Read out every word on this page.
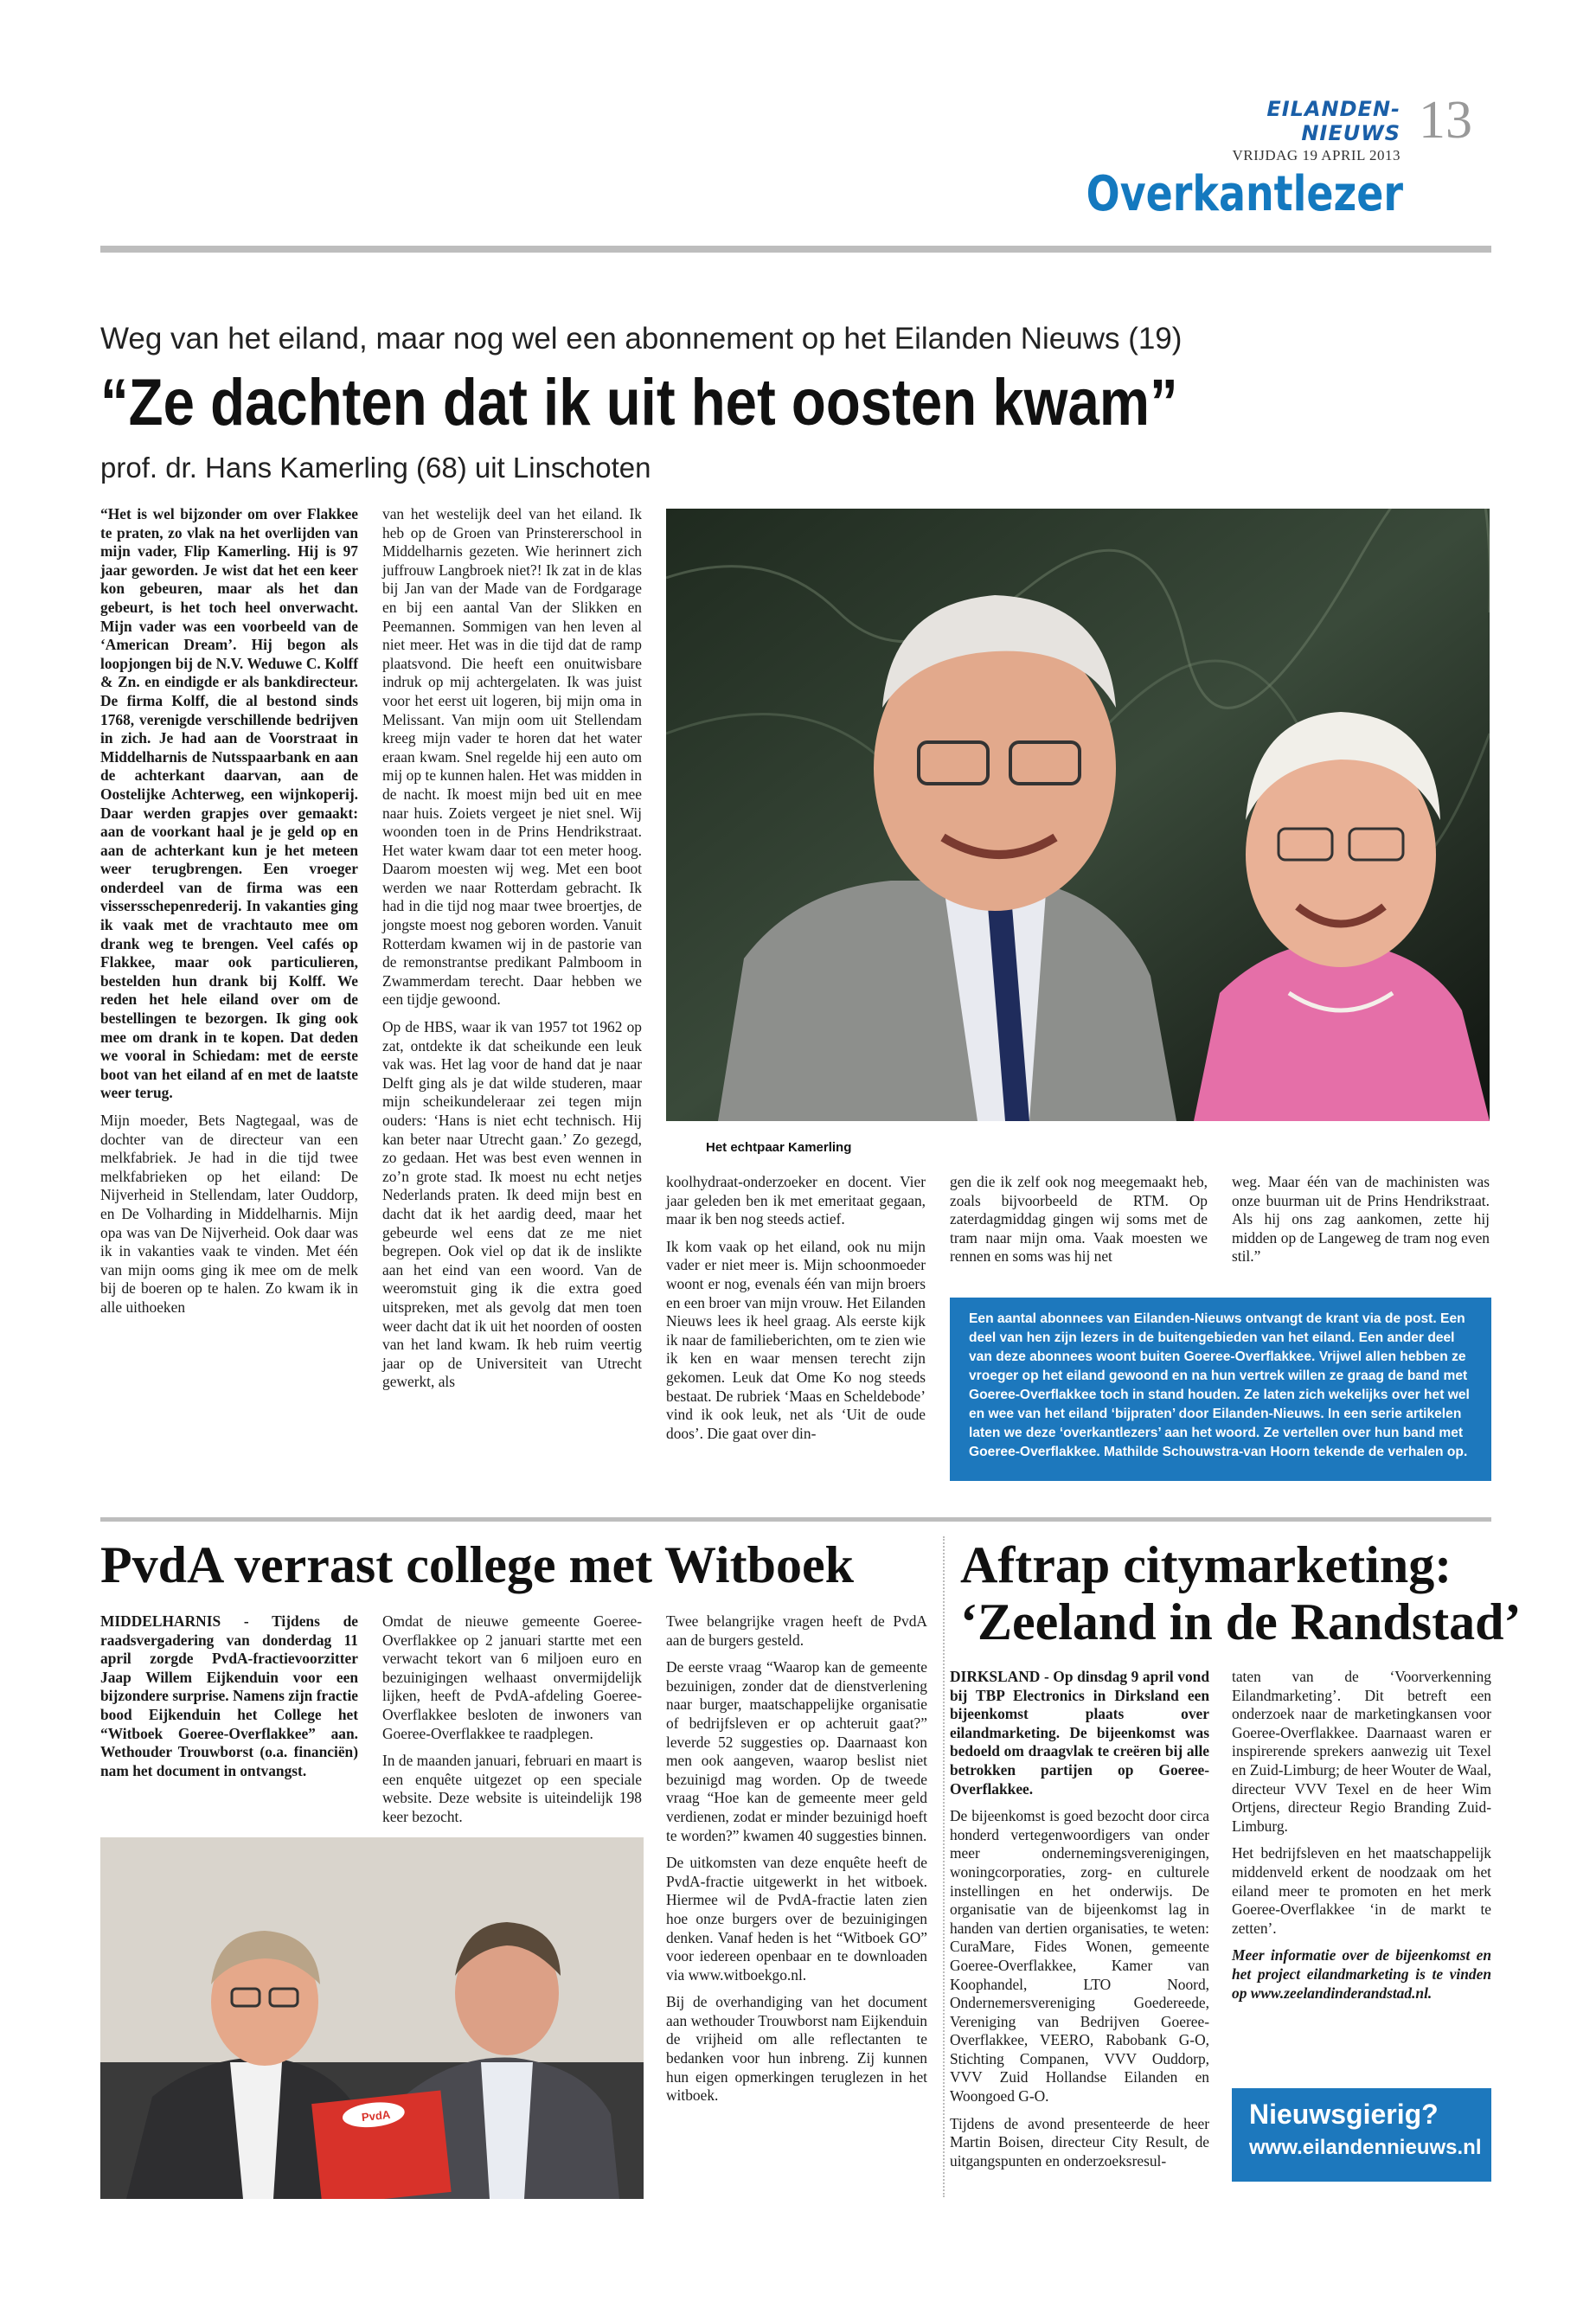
EILANDEN-NIEUWS
VRIJDAG 19 APRIL 2013
13
Overkantlezer
Weg van het eiland, maar nog wel een abonnement op het Eilanden Nieuws (19)
“Ze dachten dat ik uit het oosten kwam”
prof. dr. Hans Kamerling (68) uit Linschoten

“Het is wel bijzonder om over Flakkee te praten, zo vlak na het overlijden van mijn vader, Flip Kamerling. Hij is 97 jaar geworden. Je wist dat het een keer kon gebeuren, maar als het dan gebeurt, is het toch heel onverwacht. Mijn vader was een voorbeeld van de ‘American Dream’. Hij begon als loopjongen bij de N.V. Weduwe C. Kolff & Zn. en eindigde er als bankdirecteur. De firma Kolff, die al bestond sinds 1768, verenigde verschillende bedrijven in zich. Je had aan de Voorstraat in Middelharnis de Nutsspaarbank en aan de achterkant daarvan, aan de Oostelijke Achterweg, een wijnkoperij. Daar werden grapjes over gemaakt: aan de voorkant haal je je geld op en aan de achterkant kun je het meteen weer terugbrengen. Een vroeger onderdeel van de firma was een vissersschepenrederij. In vakanties ging ik vaak met de vrachtauto mee om drank weg te brengen. Veel cafés op Flakkee, maar ook particulieren, bestelden hun drank bij Kolff. We reden het hele eiland over om de bestellingen te bezorgen. Ik ging ook mee om drank in te kopen. Dat deden we vooral in Schiedam: met de eerste boot van het eiland af en met de laatste weer terug.

Mijn moeder, Bets Nagtegaal, was de dochter van de directeur van een melkfabriek. Je had in die tijd twee melkfabrieken op het eiland: De Nijverheid in Stellendam, later Ouddorp, en De Volharding in Middelharnis. Mijn opa was van De Nijverheid. Ook daar was ik in vakanties vaak te vinden. Met één van mijn ooms ging ik mee om de melk bij de boeren op te halen. Zo kwam ik in alle uithoeken

van het westelijk deel van het eiland. Ik heb op de Groen van Prinstererschool in Middelharnis gezeten. Wie herinnert zich juffrouw Langbroek niet?! Ik zat in de klas bij Jan van der Made van de Fordgarage en bij een aantal Van der Slikken en Peemannen. Sommigen van hen leven al niet meer. Het was in die tijd dat de ramp plaatsvond. Die heeft een onuitwisbare indruk op mij achtergelaten. Ik was juist voor het eerst uit logeren, bij mijn oma in Melissant. Van mijn oom uit Stellendam kreeg mijn vader te horen dat het water eraan kwam. Snel regelde hij een auto om mij op te kunnen halen. Het was midden in de nacht. Ik moest mijn bed uit en mee naar huis. Zoiets vergeet je niet snel. Wij woonden toen in de Prins Hendrikstraat. Het water kwam daar tot een meter hoog. Daarom moesten wij weg. Met een boot werden we naar Rotterdam gebracht. Ik had in die tijd nog maar twee broertjes, de jongste moest nog geboren worden. Vanuit Rotterdam kwamen wij in de pastorie van de remonstrantse predikant Palmboom in Zwammerdam terecht. Daar hebben we een tijdje gewoond.

Op de HBS, waar ik van 1957 tot 1962 op zat, ontdekte ik dat scheikunde een leuk vak was. Het lag voor de hand dat je naar Delft ging als je dat wilde studeren, maar mijn scheikundeleraar zei tegen mijn ouders: ‘Hans is niet echt technisch. Hij kan beter naar Utrecht gaan.’ Zo gezegd, zo gedaan. Het was best even wennen in zo’n grote stad. Ik moest nu echt netjes Nederlands praten. Ik deed mijn best en dacht dat ik het aardig deed, maar het gebeurde wel eens dat ze me niet begrepen. Ook viel op dat ik de inslikte aan het eind van een woord. Van de weeromstuit ging ik die extra goed uitspreken, met als gevolg dat men toen weer dacht dat ik uit het noorden of oosten van het land kwam. Ik heb ruim veertig jaar op de Universiteit van Utrecht gewerkt, als

Het echtpaar Kamerling

koolhydraat-onderzoeker en docent. Vier jaar geleden ben ik met emeritaat gegaan, maar ik ben nog steeds actief.

Ik kom vaak op het eiland, ook nu mijn vader er niet meer is. Mijn schoonmoeder woont er nog, evenals één van mijn broers en een broer van mijn vrouw. Het Eilanden Nieuws lees ik heel graag. Als eerste kijk ik naar de familieberichten, om te zien wie ik ken en waar mensen terecht zijn gekomen. Leuk dat Ome Ko nog steeds bestaat. De rubriek ‘Maas en Scheldebode’ vind ik ook leuk, net als ‘Uit de oude doos’. Die gaat over din-

gen die ik zelf ook nog meegemaakt heb, zoals bijvoorbeeld de RTM. Op zaterdagmiddag gingen wij soms met de tram naar mijn oma. Vaak moesten we rennen en soms was hij net

weg. Maar één van de machinisten was onze buurman uit de Prins Hendrikstraat. Als hij ons zag aankomen, zette hij midden op de Langeweg de tram nog even stil.”

Een aantal abonnees van Eilanden-Nieuws ontvangt de krant via de post. Een deel van hen zijn lezers in de buitengebieden van het eiland. Een ander deel van deze abonnees woont buiten Goeree-Overflakkee. Vrijwel allen hebben ze vroeger op het eiland gewoond en na hun vertrek willen ze graag de band met Goeree-Overflakkee toch in stand houden. Ze laten zich wekelijks over het wel en wee van het eiland ‘bijpraten’ door Eilanden-Nieuws. In een serie artikelen laten we deze ‘overkantlezers’ aan het woord. Ze vertellen over hun band met Goeree-Overflakkee. Mathilde Schouwstra-van Hoorn tekende de verhalen op.
PvdA verrast college met Witboek

MIDDELHARNIS - Tijdens de raadsvergadering van donderdag 11 april zorgde PvdA-fractievoorzitter Jaap Willem Eijkenduin voor een bijzondere surprise. Namens zijn fractie bood Eijkenduin het College het “Witboek Goeree-Overflakkee” aan. Wethouder Trouwborst (o.a. financiën) nam het document in ontvangst.

Omdat de nieuwe gemeente Goeree-Overflakkee op 2 januari startte met een verwacht tekort van 6 miljoen euro en bezuinigingen welhaast onvermijdelijk lijken, heeft de PvdA-afdeling Goeree-Overflakkee besloten de inwoners van Goeree-Overflakkee te raadplegen.

In de maanden januari, februari en maart is een enquête uitgezet op een speciale website. Deze website is uiteindelijk 198 keer bezocht.

Twee belangrijke vragen heeft de PvdA aan de burgers gesteld.

De eerste vraag “Waarop kan de gemeente bezuinigen, zonder dat de dienstverlening naar burger, maatschappelijke organisatie of bedrijfsleven er op achteruit gaat?” leverde 52 suggesties op. Daarnaast kon men ook aangeven, waarop beslist niet bezuinigd mag worden. Op de tweede vraag “Hoe kan de gemeente meer geld verdienen, zodat er minder bezuinigd hoeft te worden?” kwamen 40 suggesties binnen.

De uitkomsten van deze enquête heeft de PvdA-fractie uitgewerkt in het witboek. Hiermee wil de PvdA-fractie laten zien hoe onze burgers over de bezuinigingen denken. Vanaf heden is het “Witboek GO” voor iedereen openbaar en te downloaden via www.witboekgo.nl.

Bij de overhandiging van het document aan wethouder Trouwborst nam Eijkenduin de vrijheid om alle reflectanten te bedanken voor hun inbreng. Zij kunnen hun eigen opmerkingen teruglezen in het witboek.

PvdA
Aftrap citymarketing:
‘Zeeland in de Randstad’

DIRKSLAND - Op dinsdag 9 april vond bij TBP Electronics in Dirksland een bijeenkomst plaats over eilandmarketing. De bijeenkomst was bedoeld om draagvlak te creëren bij alle betrokken partijen op Goeree- Overflakkee.

De bijeenkomst is goed bezocht door circa honderd vertegenwoordigers van onder meer ondernemingsverenigingen, woningcorporaties, zorg- en culturele instellingen en het onderwijs. De organisatie van de bijeenkomst lag in handen van dertien organisaties, te weten: CuraMare, Fides Wonen, gemeente Goeree-Overflakkee, Kamer van Koophandel, LTO Noord, Ondernemersvereniging Goedereede, Vereniging van Bedrijven Goeree-Overflakkee, VEERO, Rabobank G-O, Stichting Companen, VVV Ouddorp, VVV Zuid Hollandse Eilanden en Woongoed G-O.

Tijdens de avond presenteerde de heer Martin Boisen, directeur City Result, de uitgangspunten en onderzoeksresul-

taten van de ‘Voorverkenning Eilandmarketing’. Dit betreft een onderzoek naar de marketingkansen voor Goeree-Overflakkee. Daarnaast waren er inspirerende sprekers aanwezig uit Texel en Zuid-Limburg; de heer Wouter de Waal, directeur VVV Texel en de heer Wim Ortjens, directeur Regio Branding Zuid-Limburg.

Het bedrijfsleven en het maatschappelijk middenveld erkent de noodzaak om het eiland meer te promoten en het merk Goeree-Overflakkee ‘in de markt te zetten’.

Meer informatie over de bijeenkomst en het project eilandmarketing is te vinden op www.zeelandinderandstad.nl.

Nieuwsgierig?
www.eilandennieuws.nl
